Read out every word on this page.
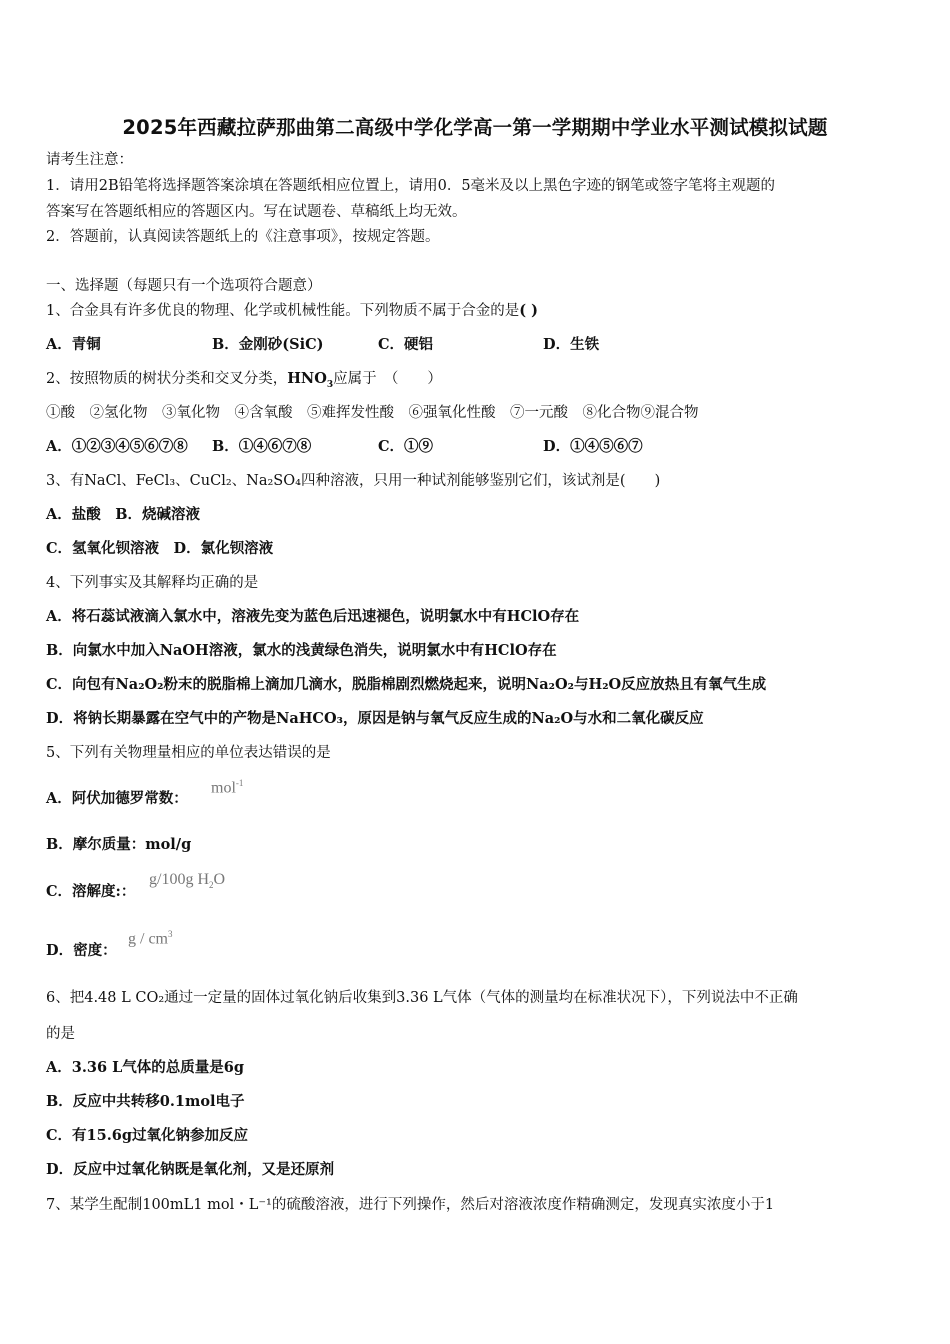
2025年西藏拉萨那曲第二高级中学化学高一第一学期期中学业水平测试模拟试题
请考生注意：
1．请用2B铅笔将选择题答案涂填在答题纸相应位置上，请用0．5毫米及以上黑色字迹的钢笔或签字笔将主观题的
答案写在答题纸相应的答题区内。写在试题卷、草稿纸上均无效。
2．答题前，认真阅读答题纸上的《注意事项》，按规定答题。
一、选择题（每题只有一个选项符合题意）
1、合金具有许多优良的物理、化学或机械性能。下列物质不属于合金的是( )
A．青铜	B．金刚砂(SiC)	C．硬铝	D．生铁
2、按照物质的树状分类和交叉分类，$HNO_3$应属于　（　　）
①酸　②氢化物　③氧化物　④含氧酸　⑤难挥发性酸　⑥强氧化性酸　⑦一元酸　⑧化合物⑨混合物
A．①②③④⑤⑥⑦⑧ B．①④⑥⑦⑧	C．①⑨	D．①④⑤⑥⑦
3、有NaCl、FeCl₃、CuCl₂、Na₂SO₄四种溶液，只用一种试剂能够鉴别它们，该试剂是(　　)
A．盐酸　B．烧碱溶液
C．氢氧化钡溶液　D．氯化钡溶液
4、下列事实及其解释均正确的是
A．将石蕊试液滴入氯水中，溶液先变为蓝色后迅速褪色，说明氯水中有HClO存在
B．向氯水中加入NaOH溶液，氯水的浅黄绿色消失，说明氯水中有HClO存在
C．向包有Na₂O₂粉末的脱脂棉上滴加几滴水，脱脂棉剧烈燃烧起来，说明Na₂O₂与H₂O反应放热且有氧气生成
D．将钠长期暴露在空气中的产物是NaHCO₃，原因是钠与氧气反应生成的Na₂O与水和二氧化碳反应
5、下列有关物理量相应的单位表达错误的是
A．阿伏加德罗常数：
mol$^{-1}$
B．摩尔质量：mol/g
C．溶解度:：
g/100g $H_2O$
D．密度：
g / $cm^3$
6、把4.48 L CO₂通过一定量的固体过氧化钠后收集到3.36 L气体（气体的测量均在标准状况下），下列说法中不正确
的是
A．3.36 L气体的总质量是6g
B．反应中共转移0.1mol电子
C．有15.6g过氧化钠参加反应
D．反应中过氧化钠既是氧化剂，又是还原剂
7、某学生配制100mL1 mol・L⁻¹的硫酸溶液，进行下列操作，然后对溶液浓度作精确测定，发现真实浓度小于1
